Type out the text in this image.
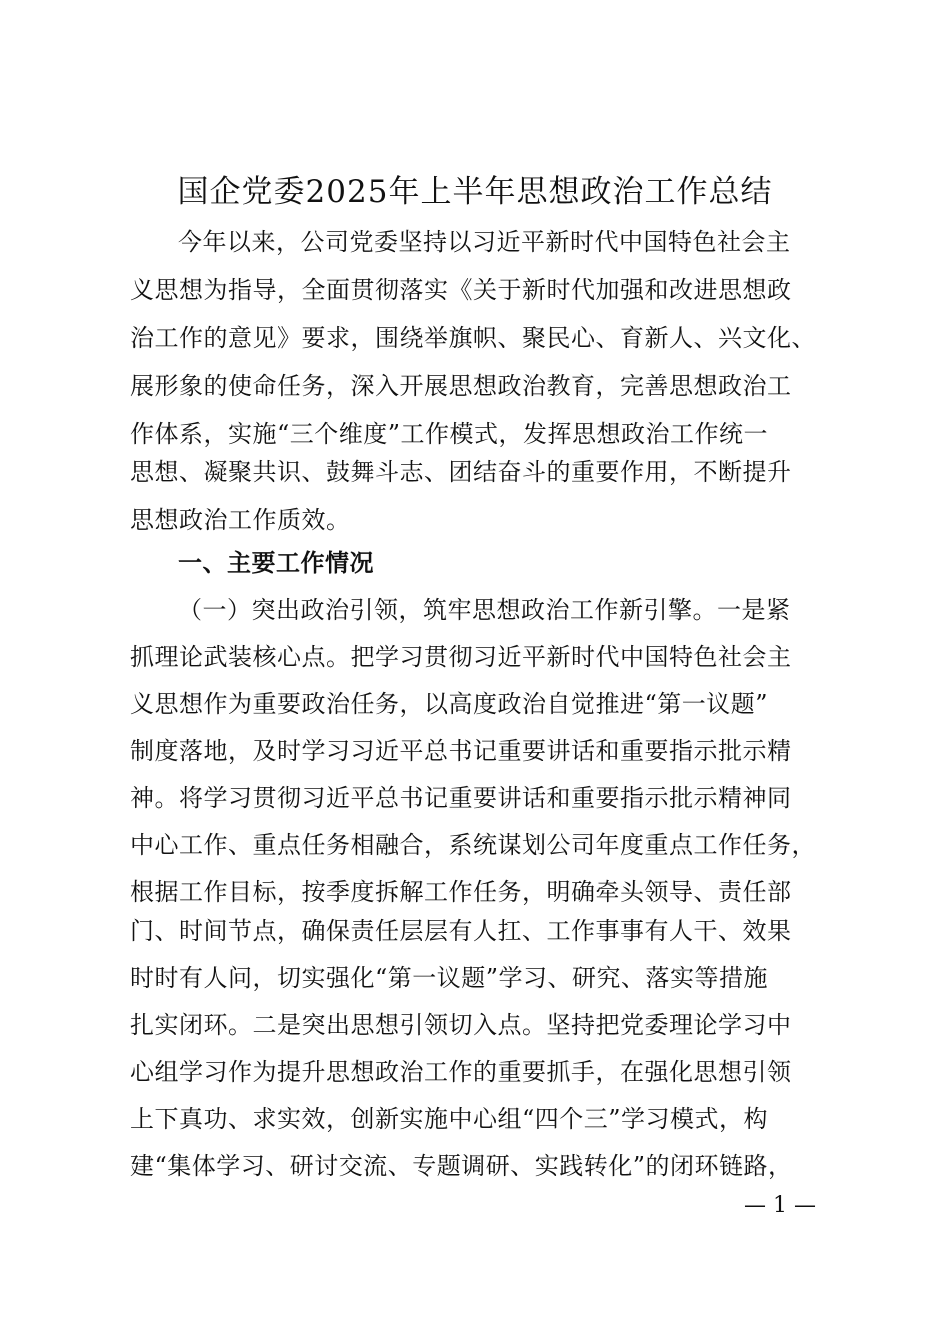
国企党委2025年上半年思想政治工作总结
今年以来，公司党委坚持以习近平新时代中国特色社会主
义思想为指导，全面贯彻落实《关于新时代加强和改进思想政
治工作的意见》要求，围绕举旗帜、聚民心、育新人、兴文化、
展形象的使命任务，深入开展思想政治教育，完善思想政治工
作体系，实施“三个维度”工作模式，发挥思想政治工作统一
思想、凝聚共识、鼓舞斗志、团结奋斗的重要作用，不断提升
思想政治工作质效。
一、主要工作情况
（一）突出政治引领，筑牢思想政治工作新引擎。一是紧
抓理论武装核心点。把学习贯彻习近平新时代中国特色社会主
义思想作为重要政治任务，以高度政治自觉推进“第一议题”
制度落地，及时学习习近平总书记重要讲话和重要指示批示精
神。将学习贯彻习近平总书记重要讲话和重要指示批示精神同
中心工作、重点任务相融合，系统谋划公司年度重点工作任务，
根据工作目标，按季度拆解工作任务，明确牵头领导、责任部
门、时间节点，确保责任层层有人扛、工作事事有人干、效果
时时有人问，切实强化“第一议题”学习、研究、落实等措施
扎实闭环。二是突出思想引领切入点。坚持把党委理论学习中
心组学习作为提升思想政治工作的重要抓手，在强化思想引领
上下真功、求实效，创新实施中心组“四个三”学习模式，构
建“集体学习、研讨交流、专题调研、实践转化”的闭环链路，
— 1 —
